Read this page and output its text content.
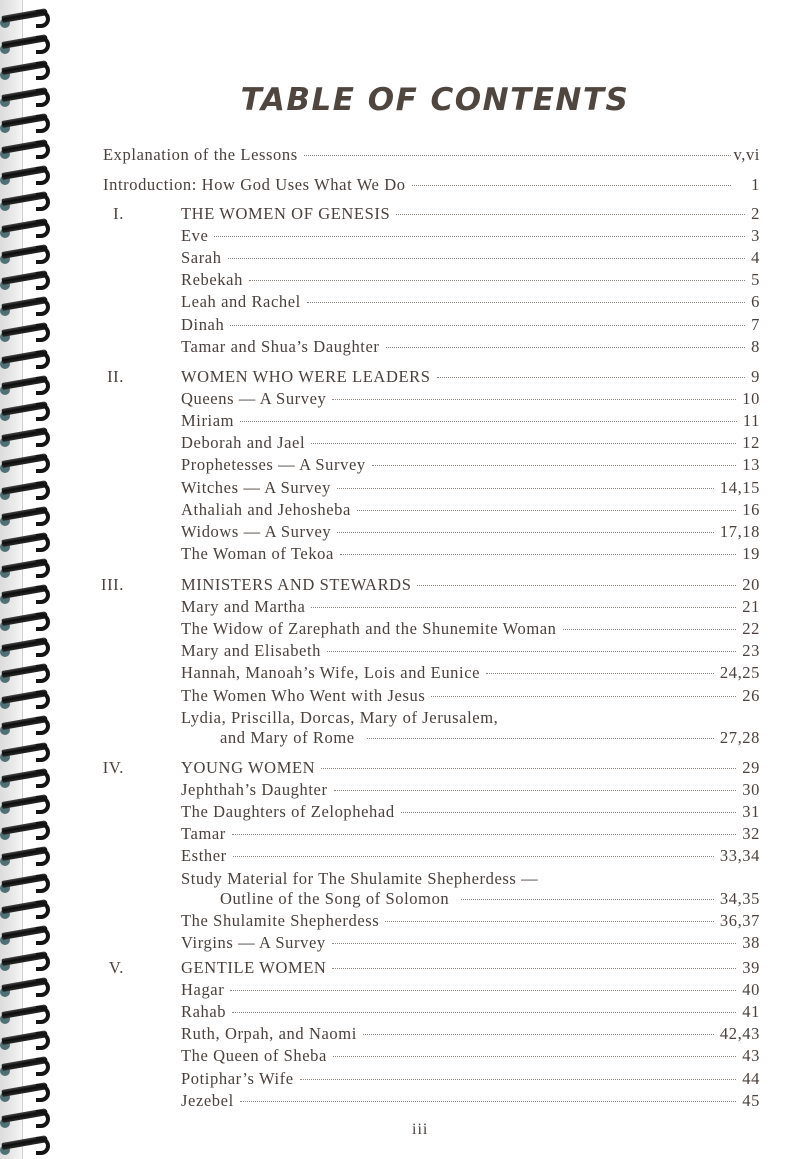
TABLE OF CONTENTS
Explanation of the Lessons	v,vi
Introduction: How God Uses What We Do	1
I.	THE WOMEN OF GENESIS	2
Eve	3
Sarah	4
Rebekah	5
Leah and Rachel	6
Dinah	7
Tamar and Shua’s Daughter	8
II.	WOMEN WHO WERE LEADERS	9
Queens — A Survey	10
Miriam	11
Deborah and Jael	12
Prophetesses — A Survey	13
Witches — A Survey	14,15
Athaliah and Jehosheba	16
Widows — A Survey	17,18
The Woman of Tekoa	19
III.	MINISTERS AND STEWARDS	20
Mary and Martha	21
The Widow of Zarephath and the Shunemite Woman	22
Mary and Elisabeth	23
Hannah, Manoah’s Wife, Lois and Eunice	24,25
The Women Who Went with Jesus	26
Lydia, Priscilla, Dorcas, Mary of Jerusalem,
and Mary of Rome	27,28
IV.	YOUNG WOMEN	29
Jephthah’s Daughter	30
The Daughters of Zelophehad	31
Tamar	32
Esther	33,34
Study Material for The Shulamite Shepherdess —
Outline of the Song of Solomon	34,35
The Shulamite Shepherdess	36,37
Virgins — A Survey	38
V.	GENTILE WOMEN	39
Hagar	40
Rahab	41
Ruth, Orpah, and Naomi	42,43
The Queen of Sheba	43
Potiphar’s Wife	44
Jezebel	45
iii
